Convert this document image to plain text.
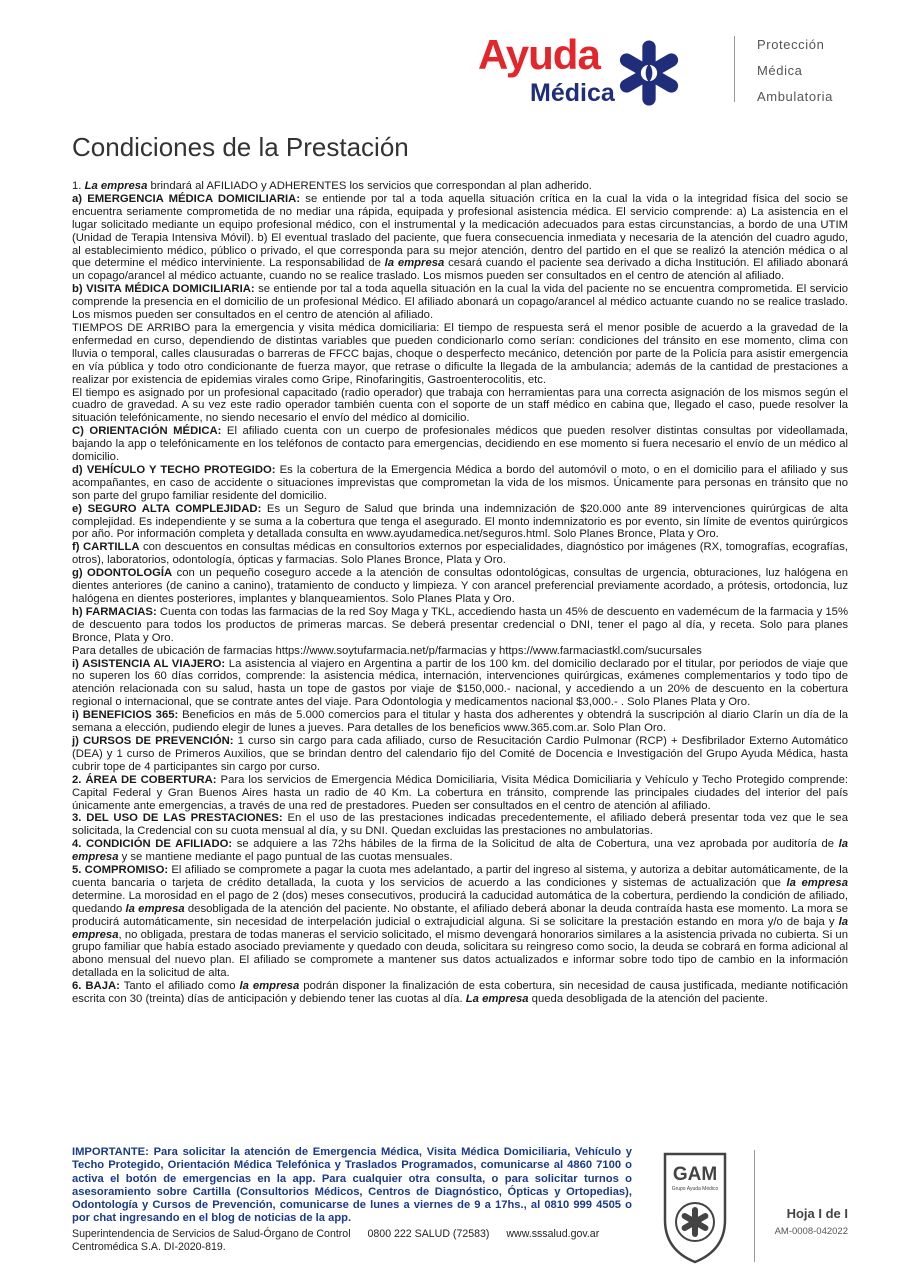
Ayuda
Médica
Protección
Médica
Ambulatoria
Condiciones de la Prestación

1. La empresa brindará al AFILIADO y ADHERENTES los servicios que correspondan al plan adherido.

a) EMERGENCIA MÉDICA DOMICILIARIA: se entiende por tal a toda aquella situación crítica en la cual la vida o la integridad física del socio se encuentra seriamente comprometida de no mediar una rápida, equipada y profesional asistencia médica. El servicio comprende: a) La asistencia en el lugar solicitado mediante un equipo profesional médico, con el instrumental y la medicación adecuados para estas circunstancias, a bordo de una UTIM (Unidad de Terapia Intensiva Móvil). b) El eventual traslado del paciente, que fuera consecuencia inmediata y necesaria de la atención del cuadro agudo, al establecimiento médico, público o privado, el que corresponda para su mejor atención, dentro del partido en el que se realizó la atención médica o al que determine el médico interviniente. La responsabilidad de la empresa cesará cuando el paciente sea derivado a dicha Institución. El afiliado abonará un copago/arancel al médico actuante, cuando no se realice traslado. Los mismos pueden ser consultados en el centro de atención al afiliado.

b) VISITA MÉDICA DOMICILIARIA: se entiende por tal a toda aquella situación en la cual la vida del paciente no se encuentra comprometida. El servicio comprende la presencia en el domicilio de un profesional Médico. El afiliado abonará un copago/arancel al médico actuante cuando no se realice traslado. Los mismos pueden ser consultados en el centro de atención al afiliado.

TIEMPOS DE ARRIBO para la emergencia y visita médica domiciliaria: El tiempo de respuesta será el menor posible de acuerdo a la gravedad de la enfermedad en curso, dependiendo de distintas variables que pueden condicionarlo como serían: condiciones del tránsito en ese momento, clima con lluvia o temporal, calles clausuradas o barreras de FFCC bajas, choque o desperfecto mecánico, detención por parte de la Policía para asistir emergencia en vía pública y todo otro condicionante de fuerza mayor, que retrase o dificulte la llegada de la ambulancia; además de la cantidad de prestaciones a realizar por existencia de epidemias virales como Gripe, Rinofaringitis, Gastroenterocolitis, etc.

El tiempo es asignado por un profesional capacitado (radio operador) que trabaja con herramientas para una correcta asignación de los mismos según el cuadro de gravedad. A su vez este radio operador también cuenta con el soporte de un staff médico en cabina que, llegado el caso, puede resolver la situación telefónicamente, no siendo necesario el envío del médico al domicilio.

C) ORIENTACIÓN MÉDICA: El afiliado cuenta con un cuerpo de profesionales médicos que pueden resolver distintas consultas por videollamada, bajando la app o telefónicamente en los teléfonos de contacto para emergencias, decidiendo en ese momento si fuera necesario el envío de un médico al domicilio.

d) VEHÍCULO Y TECHO PROTEGIDO: Es la cobertura de la Emergencia Médica a bordo del automóvil o moto, o en el domicilio para el afiliado y sus acompañantes, en caso de accidente o situaciones imprevistas que comprometan la vida de los mismos. Únicamente para personas en tránsito que no son parte del grupo familiar residente del domicilio.

e) SEGURO ALTA COMPLEJIDAD: Es un Seguro de Salud que brinda una indemnización de $20.000 ante 89 intervenciones quirúrgicas de alta complejidad. Es independiente y se suma a la cobertura que tenga el asegurado. El monto indemnizatorio es por evento, sin límite de eventos quirúrgicos por año. Por información completa y detallada consulta en www.ayudamedica.net/seguros.html. Solo Planes Bronce, Plata y Oro.

f) CARTILLA con descuentos en consultas médicas en consultorios externos por especialidades, diagnóstico por imágenes (RX, tomografías, ecografías, otros), laboratorios, odontología, ópticas y farmacias. Solo Planes Bronce, Plata y Oro.

g) ODONTOLOGÍA con un pequeño coseguro accede a la atención de consultas odontológicas, consultas de urgencia, obturaciones, luz halógena en dientes anteriores (de canino a canino), tratamiento de conducto y limpieza. Y con arancel preferencial previamente acordado, a prótesis, ortodoncia, luz halógena en dientes posteriores, implantes y blanqueamientos. Solo Planes Plata y Oro.

h) FARMACIAS: Cuenta con todas las farmacias de la red Soy Maga y TKL, accediendo hasta un 45% de descuento en vademécum de la farmacia y 15% de descuento para todos los productos de primeras marcas. Se deberá presentar credencial o DNI, tener el pago al día, y receta. Solo para planes Bronce, Plata y Oro.

Para detalles de ubicación de farmacias https://www.soytufarmacia.net/p/farmacias y https://www.farmaciastkl.com/sucursales

i) ASISTENCIA AL VIAJERO: La asistencia al viajero en Argentina a partir de los 100 km. del domicilio declarado por el titular, por periodos de viaje que no superen los 60 días corridos, comprende: la asistencia médica, internación, intervenciones quirúrgicas, exámenes complementarios y todo tipo de atención relacionada con su salud, hasta un tope de gastos por viaje de $150,000.- nacional, y accediendo a un 20% de descuento en la cobertura regional o internacional, que se contrate antes del viaje. Para Odontologia y medicamentos nacional $3,000.- . Solo Planes Plata y Oro.

i) BENEFICIOS 365: Beneficios en más de 5.000 comercios para el titular y hasta dos adherentes y obtendrá la suscripción al diario Clarín un día de la semana a elección, pudiendo elegir de lunes a jueves. Para detalles de los beneficios www.365.com.ar. Solo Plan Oro.

j) CURSOS DE PREVENCIÓN: 1 curso sin cargo para cada afiliado, curso de Resucitación Cardio Pulmonar (RCP) + Desfibrilador Externo Automático (DEA) y 1 curso de Primeros Auxilios, que se brindan dentro del calendario fijo del Comité de Docencia e Investigación del Grupo Ayuda Médica, hasta cubrir tope de 4 participantes sin cargo por curso.

2. ÁREA DE COBERTURA: Para los servicios de Emergencia Médica Domiciliaria, Visita Médica Domiciliaria y Vehículo y Techo Protegido comprende: Capital Federal y Gran Buenos Aires hasta un radio de 40 Km. La cobertura en tránsito, comprende las principales ciudades del interior del país únicamente ante emergencias, a través de una red de prestadores. Pueden ser consultados en el centro de atención al afiliado.

3. DEL USO DE LAS PRESTACIONES: En el uso de las prestaciones indicadas precedentemente, el afiliado deberá presentar toda vez que le sea solicitada, la Credencial con su cuota mensual al día, y su DNI. Quedan excluidas las prestaciones no ambulatorias.

4. CONDICIÓN DE AFILIADO: se adquiere a las 72hs hábiles de la firma de la Solicitud de alta de Cobertura, una vez aprobada por auditoría de la empresa y se mantiene mediante el pago puntual de las cuotas mensuales.

5. COMPROMISO: El afiliado se compromete a pagar la cuota mes adelantado, a partir del ingreso al sistema, y autoriza a debitar automáticamente, de la cuenta bancaria o tarjeta de crédito detallada, la cuota y los servicios de acuerdo a las condiciones y sistemas de actualización que la empresa determine. La morosidad en el pago de 2 (dos) meses consecutivos, producirá la caducidad automática de la cobertura, perdiendo la condición de afiliado, quedando la empresa desobligada de la atención del paciente. No obstante, el afiliado deberá abonar la deuda contraída hasta ese momento. La mora se producirá automáticamente, sin necesidad de interpelación judicial o extrajudicial alguna. Si se solicitare la prestación estando en mora y/o de baja y la empresa, no obligada, prestara de todas maneras el servicio solicitado, el mismo devengará honorarios similares a la asistencia privada no cubierta. Si un grupo familiar que había estado asociado previamente y quedado con deuda, solicitara su reingreso como socio, la deuda se cobrará en forma adicional al abono mensual del nuevo plan. El afiliado se compromete a mantener sus datos actualizados e informar sobre todo tipo de cambio en la información detallada en la solicitud de alta.

6. BAJA: Tanto el afiliado como la empresa podrán disponer la finalización de esta cobertura, sin necesidad de causa justificada, mediante notificación escrita con 30 (treinta) días de anticipación y debiendo tener las cuotas al día. La empresa queda desobligada de la atención del paciente.

IMPORTANTE: Para solicitar la atención de Emergencia Médica, Visita Médica Domiciliaria, Vehículo y Techo Protegido, Orientación Médica Telefónica y Traslados Programados, comunicarse al 4860 7100 o activa el botón de emergencias en la app. Para cualquier otra consulta, o para solicitar turnos o asesoramiento sobre Cartilla (Consultorios Médicos, Centros de Diagnóstico, Ópticas y Ortopedias), Odontología y Cursos de Prevención, comunicarse de lunes a viernes de 9 a 17hs., al 0810 999 4505 o por chat ingresando en el blog de noticias de la app.
Superintendencia de Servicios de Salud-Órgano de Control 0800 222 SALUD (72583) www.sssalud.gov.ar
Centromédica S.A. DI-2020-819.
GAM
Grupo Ayuda Médico
Hoja I de I
AM-0008-042022
